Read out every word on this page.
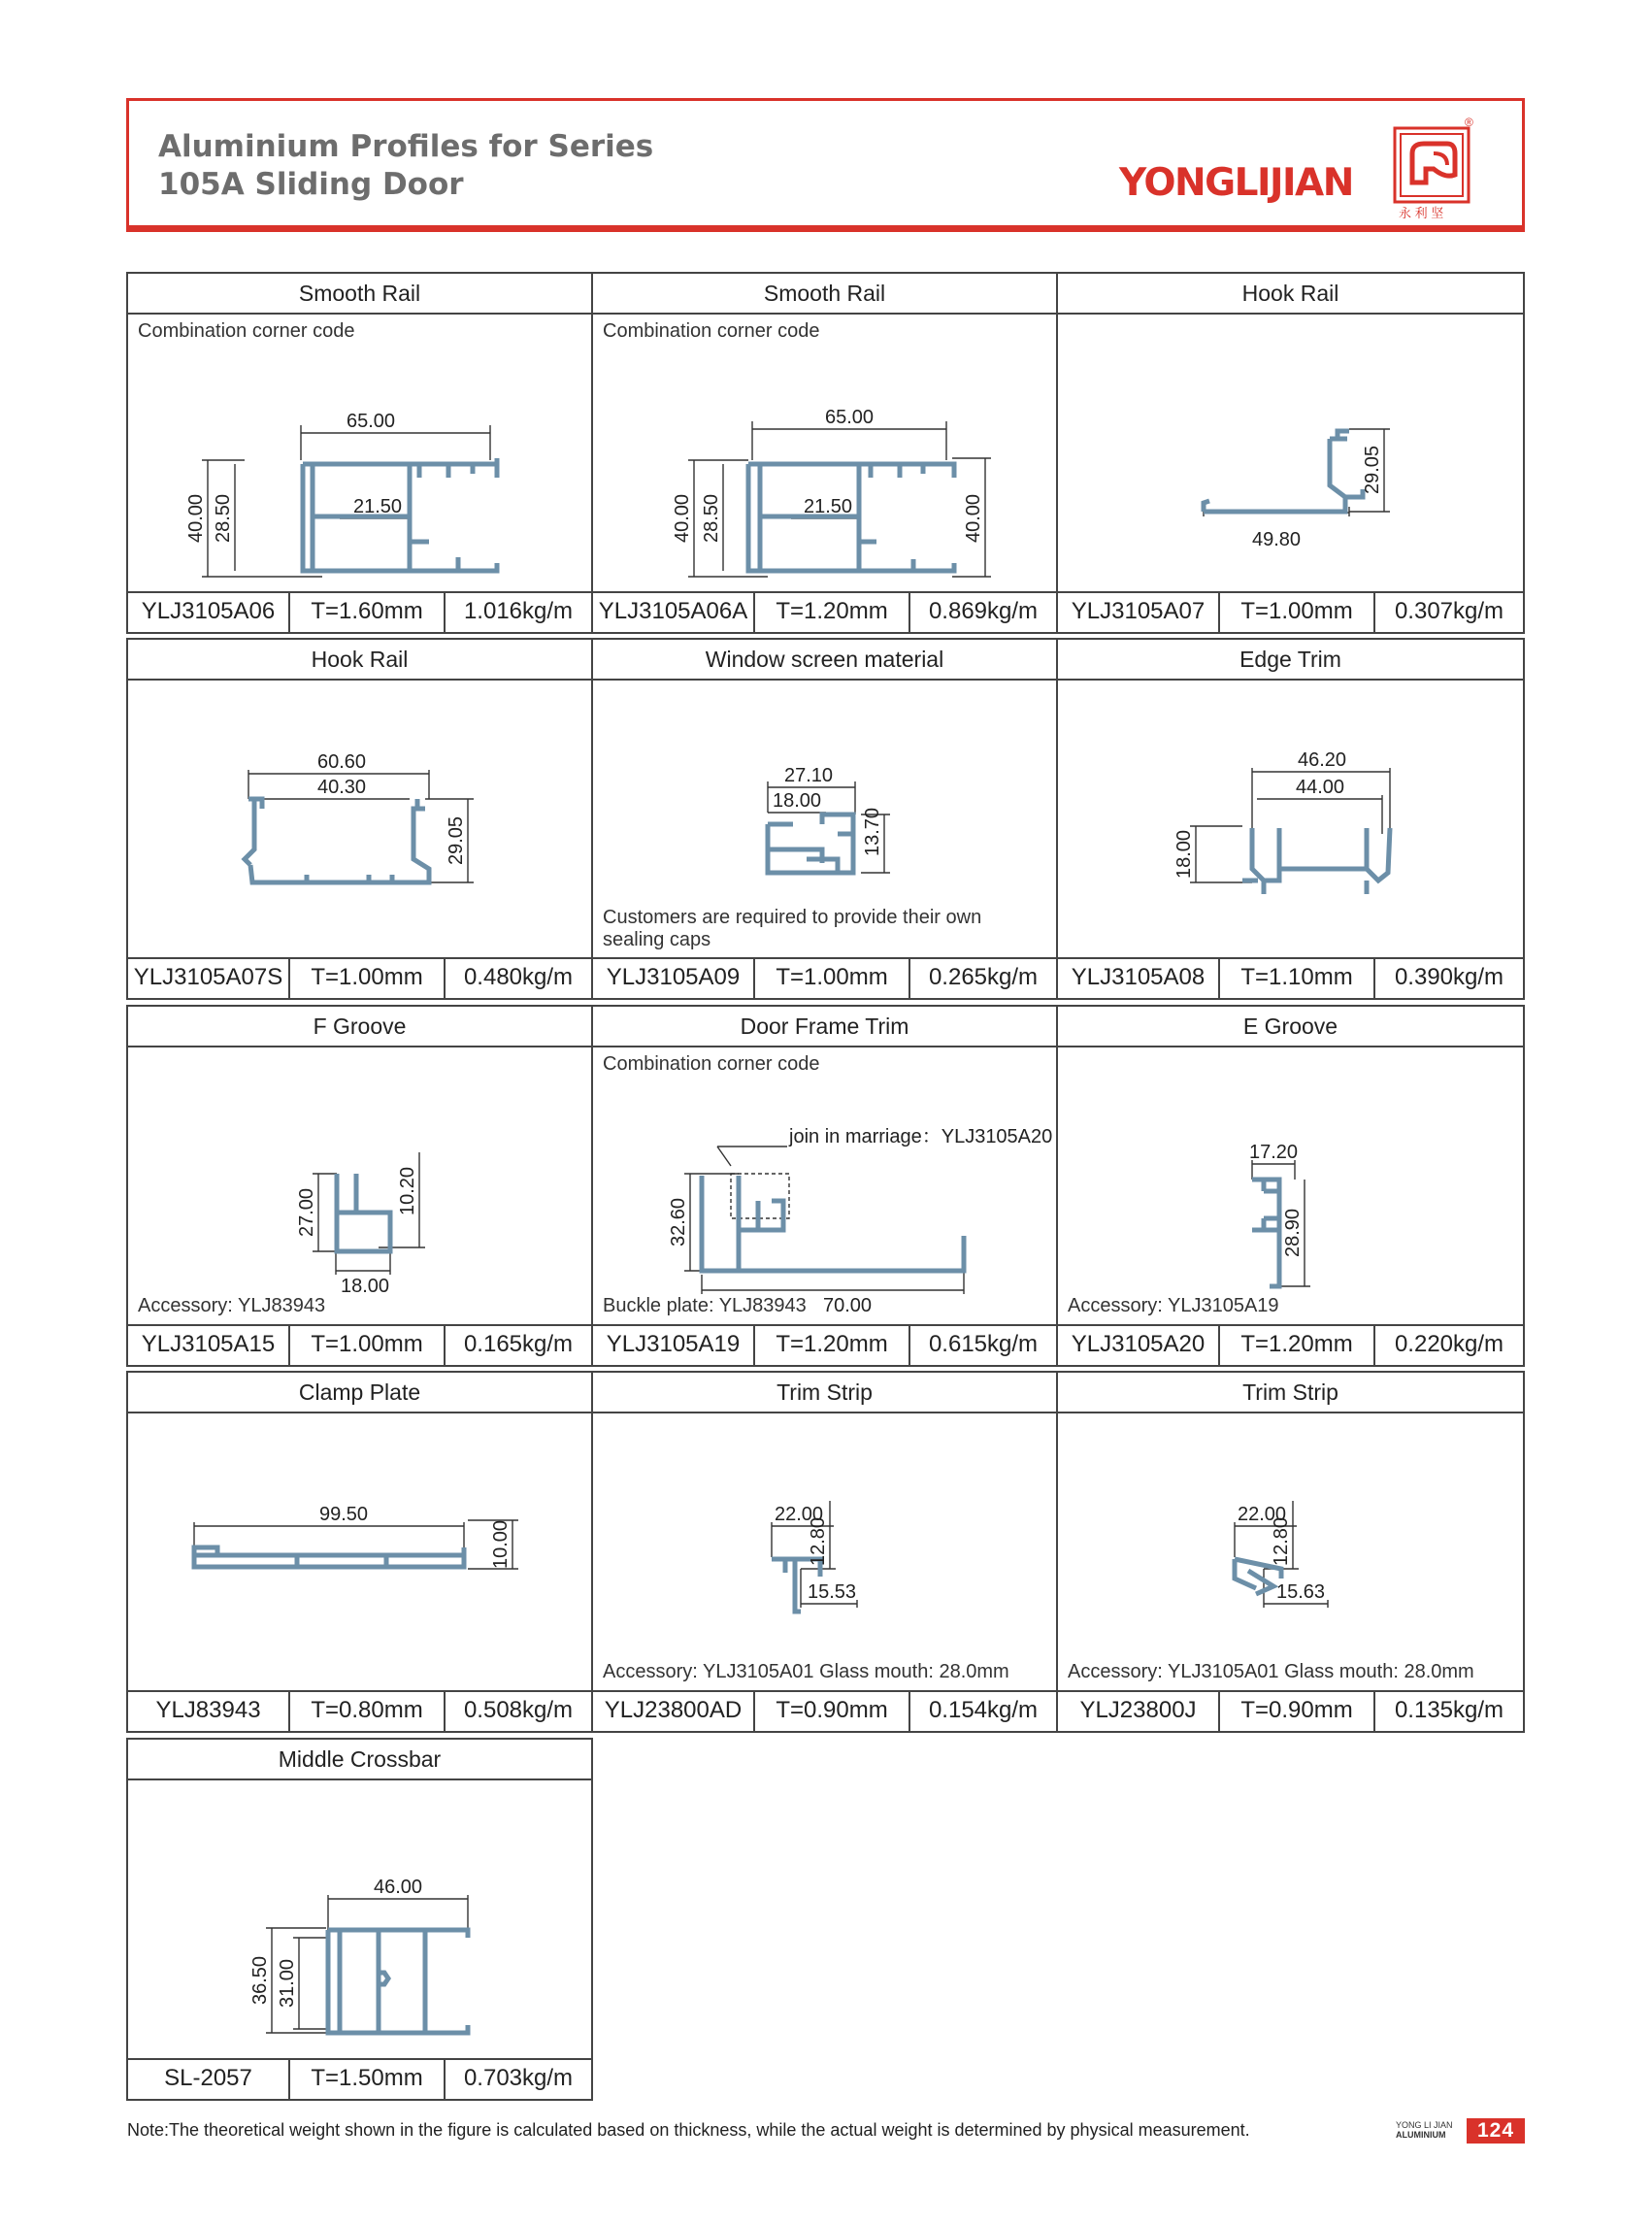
Aluminium Profiles for Series
105A Sliding Door	YONGLIJIAN
®
永 利 坚
Smooth Rail
Combination corner code
65.00
21.50
40.00 28.50
YLJ3105A06	T=1.60mm	1.016kg/m
Smooth Rail
Combination corner code
65.00
21.50
40.00 28.50	40.00
YLJ3105A06A	T=1.20mm	0.869kg/m
Hook Rail
49.80
29.05
YLJ3105A07	T=1.00mm	0.307kg/m
Hook Rail
60.60
40.30
29.05
YLJ3105A07S	T=1.00mm	0.480kg/m
Window screen material
27.10
18.00
13.70
Customers are required to provide their own sealing caps
YLJ3105A09	T=1.00mm	0.265kg/m
Edge Trim
46.20
44.00
18.00
YLJ3105A08	T=1.10mm	0.390kg/m
F Groove
27.00	10.20
18.00
Accessory: YLJ83943
YLJ3105A15	T=1.00mm	0.165kg/m
Door Frame Trim
Combination corner code
join in marriage：YLJ3105A20
32.60
70.00
Buckle plate: YLJ83943
YLJ3105A19	T=1.20mm	0.615kg/m
E Groove
17.20
28.90
Accessory: YLJ3105A19
YLJ3105A20	T=1.20mm	0.220kg/m
Clamp Plate
99.50
10.00
YLJ83943	T=0.80mm	0.508kg/m
Trim Strip
22.00
12.80
15.53
Accessory: YLJ3105A01 Glass mouth: 28.0mm
YLJ23800AD	T=0.90mm	0.154kg/m
Trim Strip
22.00
12.80
15.63
Accessory: YLJ3105A01 Glass mouth: 28.0mm
YLJ23800J	T=0.90mm	0.135kg/m
Middle Crossbar
46.00
36.50 31.00
SL-2057	T=1.50mm	0.703kg/m
Note:The theoretical weight shown in the figure is calculated based on thickness, while the actual weight is determined by physical measurement.	YONG LI JIAN
ALUMINIUM	124
